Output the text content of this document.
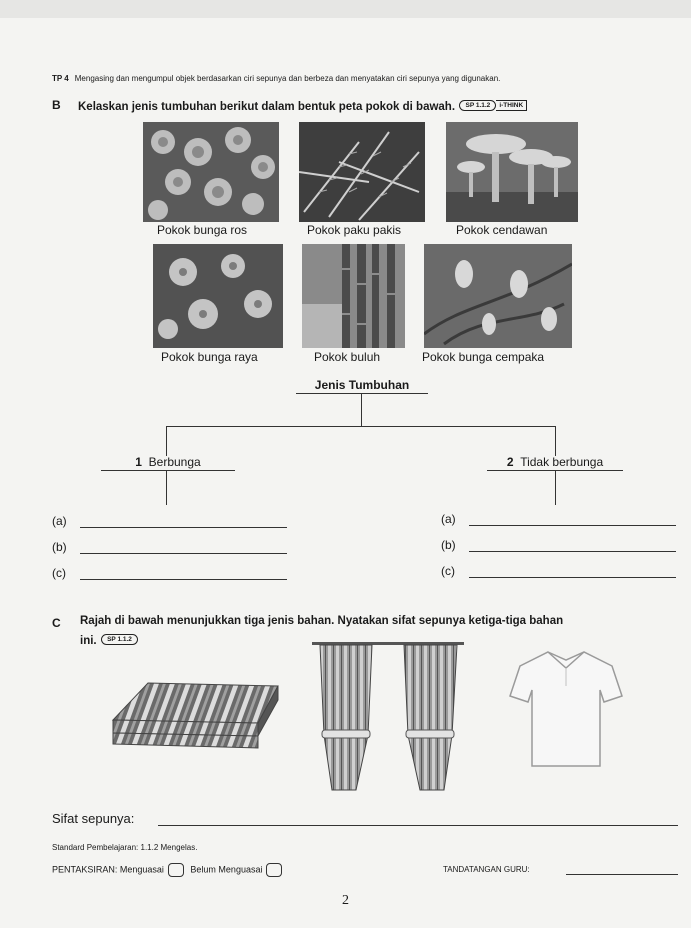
TP 4 Mengasing dan mengumpul objek berdasarkan ciri sepunya dan berbeza dan menyatakan ciri sepunya yang digunakan.
B Kelaskan jenis tumbuhan berikut dalam bentuk peta pokok di bawah. SP 1.1.2 i-THINK
Pokok bunga ros	Pokok paku pakis	Pokok cendawan
Pokok bunga raya	Pokok buluh	Pokok bunga cempaka
Jenis Tumbuhan
1 Berbunga	2 Tidak berbunga
(a)
(b)
(c)
(a)
(b)
(c)
C Rajah di bawah menunjukkan tiga jenis bahan. Nyatakan sifat sepunya ketiga-tiga bahan
ini. SP 1.1.2
Sifat sepunya:
Standard Pembelajaran: 1.1.2 Mengelas.
PENTAKSIRAN: Menguasai	Belum Menguasai	TANDATANGAN GURU:
2
